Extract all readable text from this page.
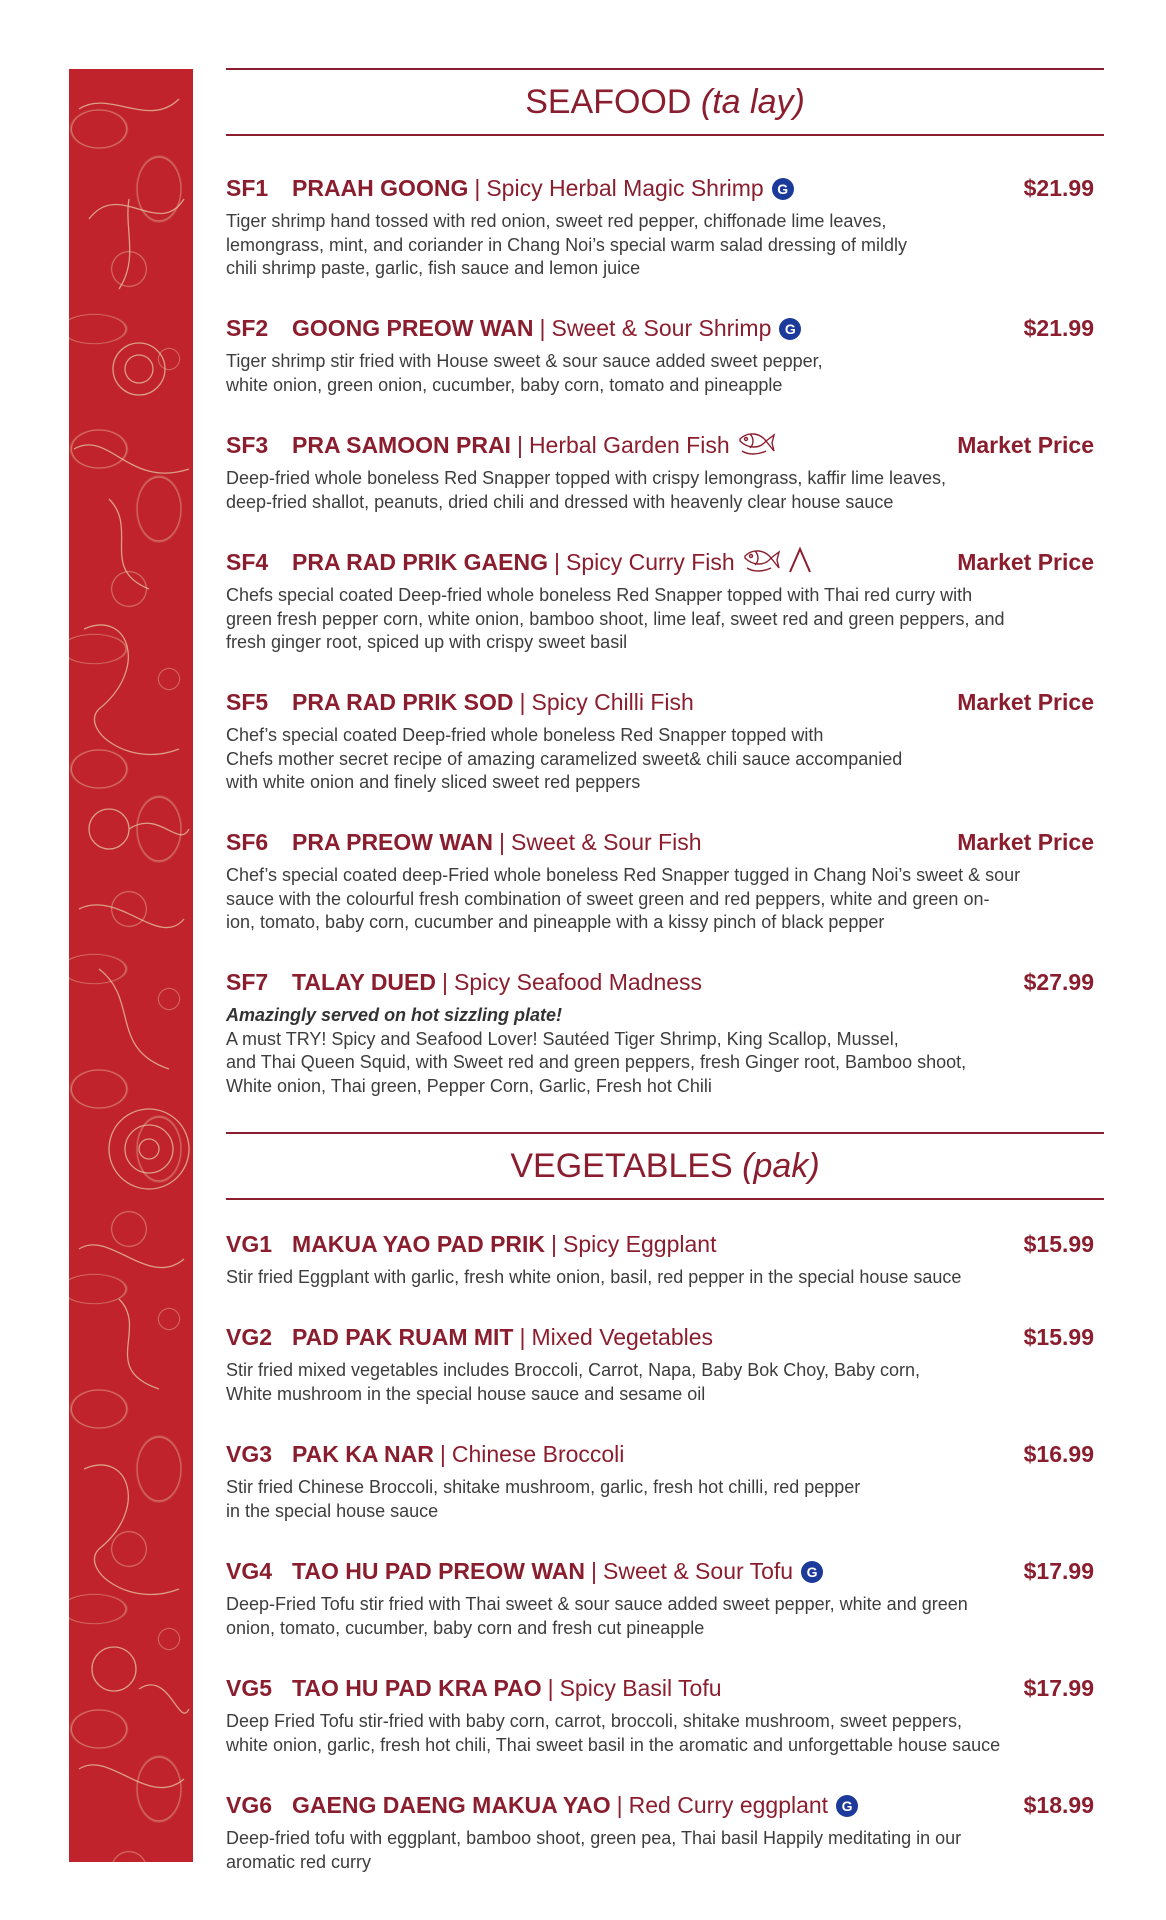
SEAFOOD (ta lay)
SF1 PRAAH GOONG | Spicy Herbal Magic Shrimp G	$21.99
Tiger shrimp hand tossed with red onion, sweet red pepper, chiffonade lime leaves,
lemongrass, mint, and coriander in Chang Noi’s special warm salad dressing of mildly
chili shrimp paste, garlic, fish sauce and lemon juice
SF2 GOONG PREOW WAN | Sweet & Sour Shrimp G	$21.99
Tiger shrimp stir fried with House sweet & sour sauce added sweet pepper,
white onion, green onion, cucumber, baby corn, tomato and pineapple
SF3 PRA SAMOON PRAI | Herbal Garden Fish	Market Price
Deep-fried whole boneless Red Snapper topped with crispy lemongrass, kaffir lime leaves,
deep-fried shallot, peanuts, dried chili and dressed with heavenly clear house sauce
SF4 PRA RAD PRIK GAENG | Spicy Curry Fish	Market Price
Chefs special coated Deep-fried whole boneless Red Snapper topped with Thai red curry with
green fresh pepper corn, white onion, bamboo shoot, lime leaf, sweet red and green peppers, and
fresh ginger root, spiced up with crispy sweet basil
SF5 PRA RAD PRIK SOD | Spicy Chilli Fish	Market Price
Chef’s special coated Deep-fried whole boneless Red Snapper topped with
Chefs mother secret recipe of amazing caramelized sweet& chili sauce accompanied
with white onion and finely sliced sweet red peppers
SF6 PRA PREOW WAN | Sweet & Sour Fish	Market Price
Chef’s special coated deep-Fried whole boneless Red Snapper tugged in Chang Noi’s sweet & sour
sauce with the colourful fresh combination of sweet green and red peppers, white and green on-
ion, tomato, baby corn, cucumber and pineapple with a kissy pinch of black pepper
SF7 TALAY DUED | Spicy Seafood Madness	$27.99
Amazingly served on hot sizzling plate!
A must TRY! Spicy and Seafood Lover! Sautéed Tiger Shrimp, King Scallop, Mussel,
and Thai Queen Squid, with Sweet red and green peppers, fresh Ginger root, Bamboo shoot,
White onion, Thai green, Pepper Corn, Garlic, Fresh hot Chili
VEGETABLES (pak)
VG1 MAKUA YAO PAD PRIK | Spicy Eggplant	$15.99
Stir fried Eggplant with garlic, fresh white onion, basil, red pepper in the special house sauce
VG2 PAD PAK RUAM MIT | Mixed Vegetables	$15.99
Stir fried mixed vegetables includes Broccoli, Carrot, Napa, Baby Bok Choy, Baby corn,
White mushroom in the special house sauce and sesame oil
VG3 PAK KA NAR | Chinese Broccoli	$16.99
Stir fried Chinese Broccoli, shitake mushroom, garlic, fresh hot chilli, red pepper
in the special house sauce
VG4 TAO HU PAD PREOW WAN | Sweet & Sour Tofu G	$17.99
Deep-Fried Tofu stir fried with Thai sweet & sour sauce added sweet pepper, white and green
onion, tomato, cucumber, baby corn and fresh cut pineapple
VG5 TAO HU PAD KRA PAO | Spicy Basil Tofu	$17.99
Deep Fried Tofu stir-fried with baby corn, carrot, broccoli, shitake mushroom, sweet peppers,
white onion, garlic, fresh hot chili, Thai sweet basil in the aromatic and unforgettable house sauce
VG6 GAENG DAENG MAKUA YAO | Red Curry eggplant G	$18.99
Deep-fried tofu with eggplant, bamboo shoot, green pea, Thai basil Happily meditating in our
aromatic red curry
